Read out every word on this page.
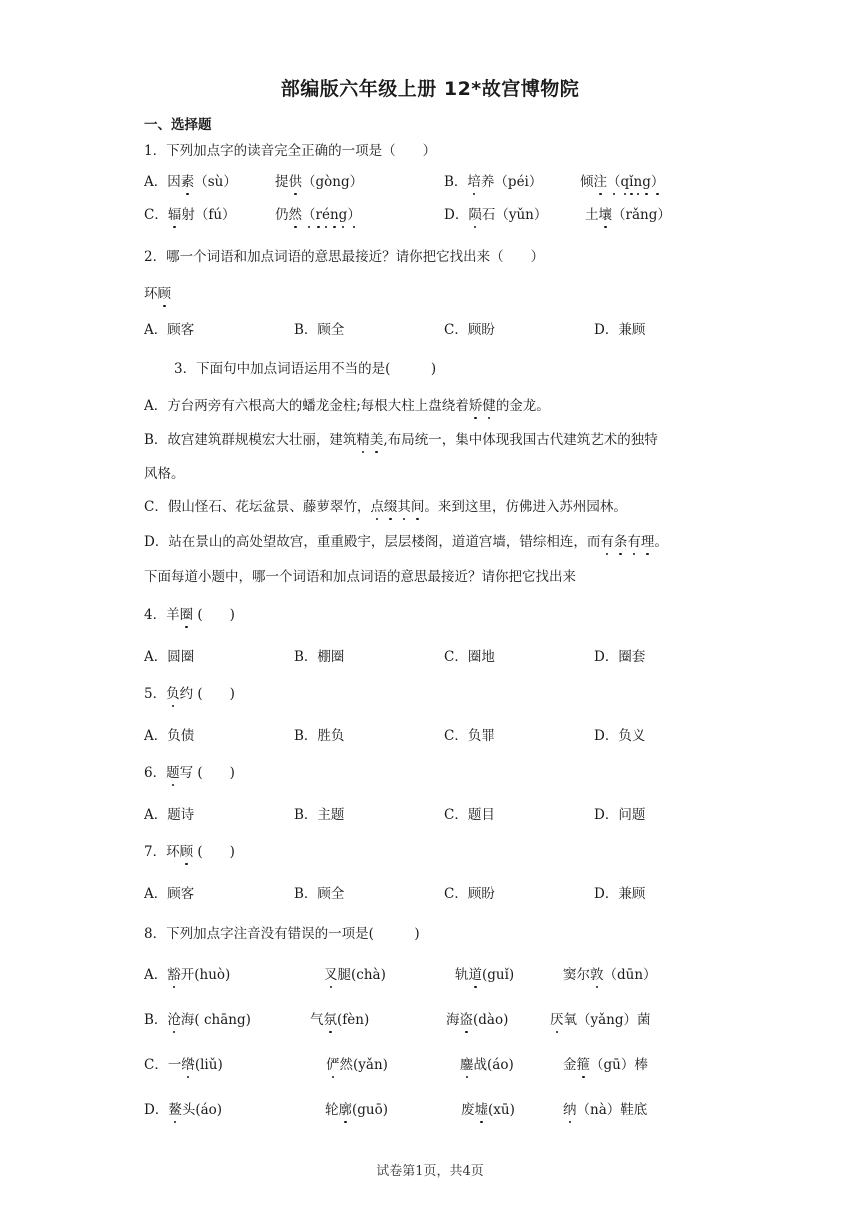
部编版六年级上册 12*故宫博物院
一、选择题
1．下列加点字的读音完全正确的一项是（　　）
A．因素（sù）	提供（gòng）	B．培养（péi）	倾注（qǐng）
C．辐射（fú）	仍然（réng）	D．陨石（yǔn）	土壤（rǎng）
2．哪一个词语和加点词语的意思最接近？请你把它找出来（　　）
环顾
A．顾客	B．顾全	C．顾盼	D．兼顾
3．下面句中加点词语运用不当的是(　　　)
A．方台两旁有六根高大的蟠龙金柱;每根大柱上盘绕着矫健的金龙。
B．故宫建筑群规模宏大壮丽，建筑精美,布局统一，集中体现我国古代建筑艺术的独特
风格。
C．假山怪石、花坛盆景、藤萝翠竹，点缀其间。来到这里，仿佛进入苏州园林。
D．站在景山的高处望故宫，重重殿宇，层层楼阁，道道宫墙，错综相连，而有条有理。
下面每道小题中，哪一个词语和加点词语的意思最接近？请你把它找出来
4．羊圈 (　　)
A．圆圈	B．棚圈	C．圈地	D．圈套
5．负约 (　　)
A．负债	B．胜负	C．负罪	D．负义
6．题写 (　　)
A．题诗	B．主题	C．题目	D．问题
7．环顾 (　　)
A．顾客	B．顾全	C．顾盼	D．兼顾
8．下列加点字注音没有错误的一项是(　　　)
A．豁开(huò)	叉腿(chà)	轨道(guǐ)	窦尔敦（dūn）
B．沧海( chāng)	气氛(fèn)	海盗(dào)	厌氧（yǎng）菌
C．一绺(liǔ)	俨然(yǎn)	鏖战(áo)	金箍（gū）棒
D．鳌头(áo)	轮廓(guō)	废墟(xū)	纳（nà）鞋底
试卷第1页，共4页
